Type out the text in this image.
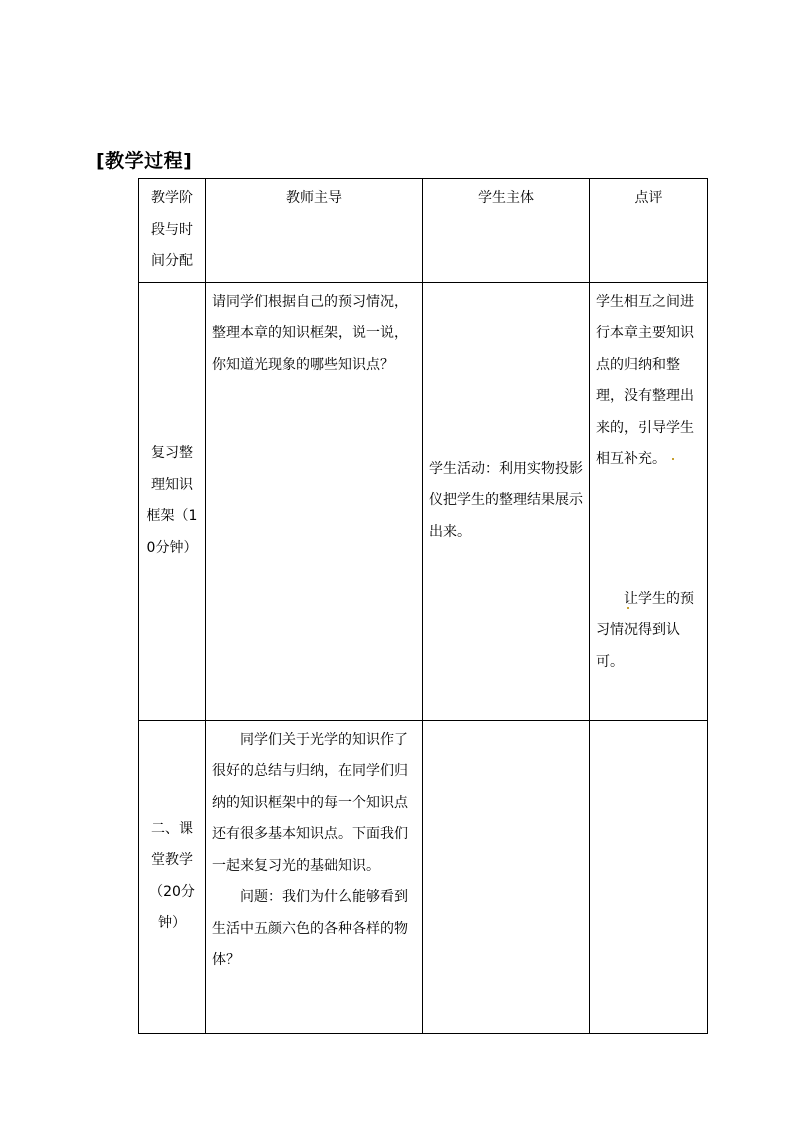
[教学过程]
教学阶段与时间分配	教师主导	学生主体	点评

复习整理知识框架（10分钟）	请同学们根据自己的预习情况，整理本章的知识框架，说一说，你知道光现象的哪些知识点？	学生活动：利用实物投影仪把学生的整理结果展示出来。	学生相互之间进行本章主要知识点的归纳和整理，没有整理出来的，引导学生相互补充。
让学生的预习情况得到认可。

二、课堂教学（20分钟）	同学们关于光学的知识作了很好的总结与归纳，在同学们归纳的知识框架中的每一个知识点还有很多基本知识点。下面我们一起来复习光的基础知识。
问题：我们为什么能够看到生活中五颜六色的各种各样的物体？		
